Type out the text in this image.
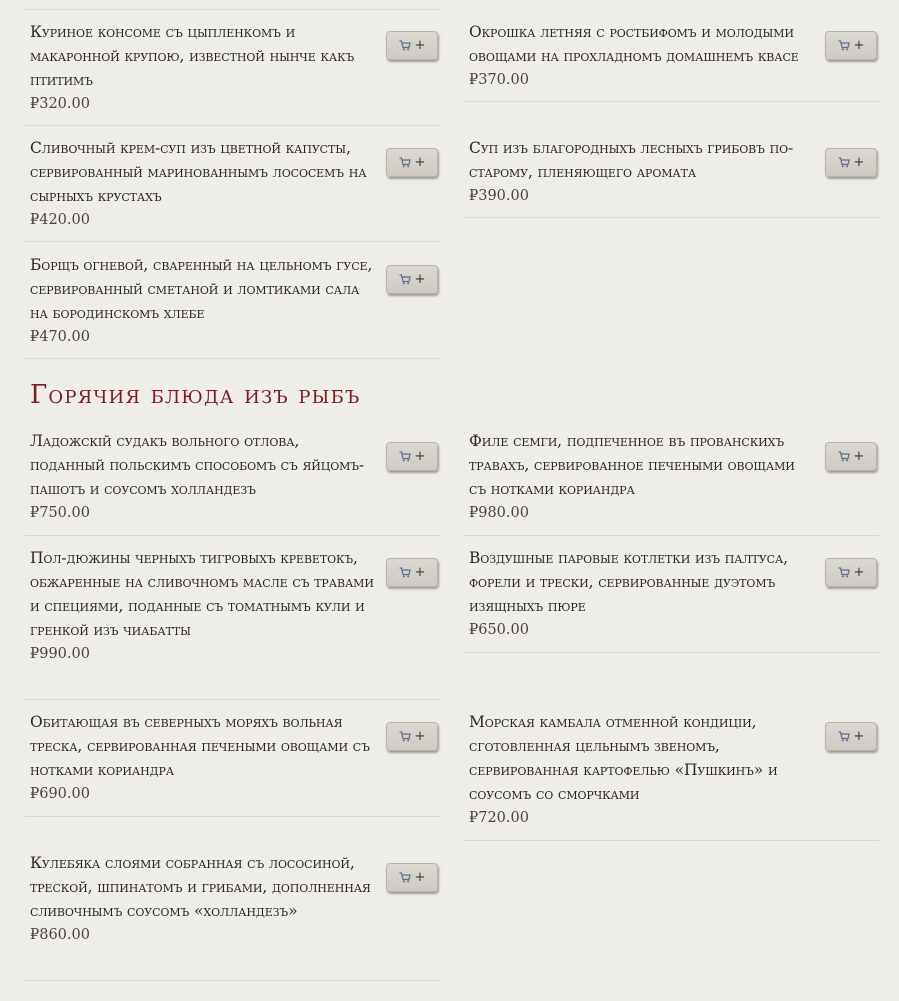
Куриное консоме съ цыпленкомъ и макаронной крупою, известной нынче какъ птитимъ
₽320.00
Сливочный крем-суп изъ цветной капусты, сервированный маринованнымъ лососемъ на сырныхъ крустахъ
₽420.00
Борщъ огневой, сваренный на цельномъ гусе, сервированный сметаной и ломтиками сала на бородинскомъ хлебе
₽470.00
Окрошка летняя с ростбифомъ и молодыми овощами на прохладномъ домашнемъ квасе
₽370.00
Суп изъ благородныхъ лесныхъ грибовъ по-старому, пленяющего аромата
₽390.00
Горячия блюда изъ рыбъ
Ладожскій судакъ вольного отлова, поданный польскимъ способомъ съ яйцомъ-пашотъ и соусомъ холландезъ
₽750.00
Пол-дюжины черныхъ тигровыхъ креветокъ, обжаренные на сливочномъ масле съ травами и специями, поданные съ томатнымъ кули и гренкой изъ чиабатты
₽990.00
Обитающая въ северныхъ моряхъ вольная треска, сервированная печеными овощами съ нотками кориандра
₽690.00
Кулебяка слоями собранная съ лососиной, треской, шпинатомъ и грибами, дополненная сливочнымъ соусомъ «холландезъ»
₽860.00
Филе семги, подпеченное въ прованскихъ травахъ, сервированное печеными овощами съ нотками кориандра
₽980.00
Воздушные паровые котлетки изъ палтуса, форели и трески, сервированные дуэтомъ изящныхъ пюре
₽650.00
Морская камбала отменной кондиціи, сготовленная цельнымъ звеномъ, сервированная картофелью «Пушкинъ» и соусомъ со сморчками
₽720.00
+
+
+
+
+
+
+
+
+
+
+
+
